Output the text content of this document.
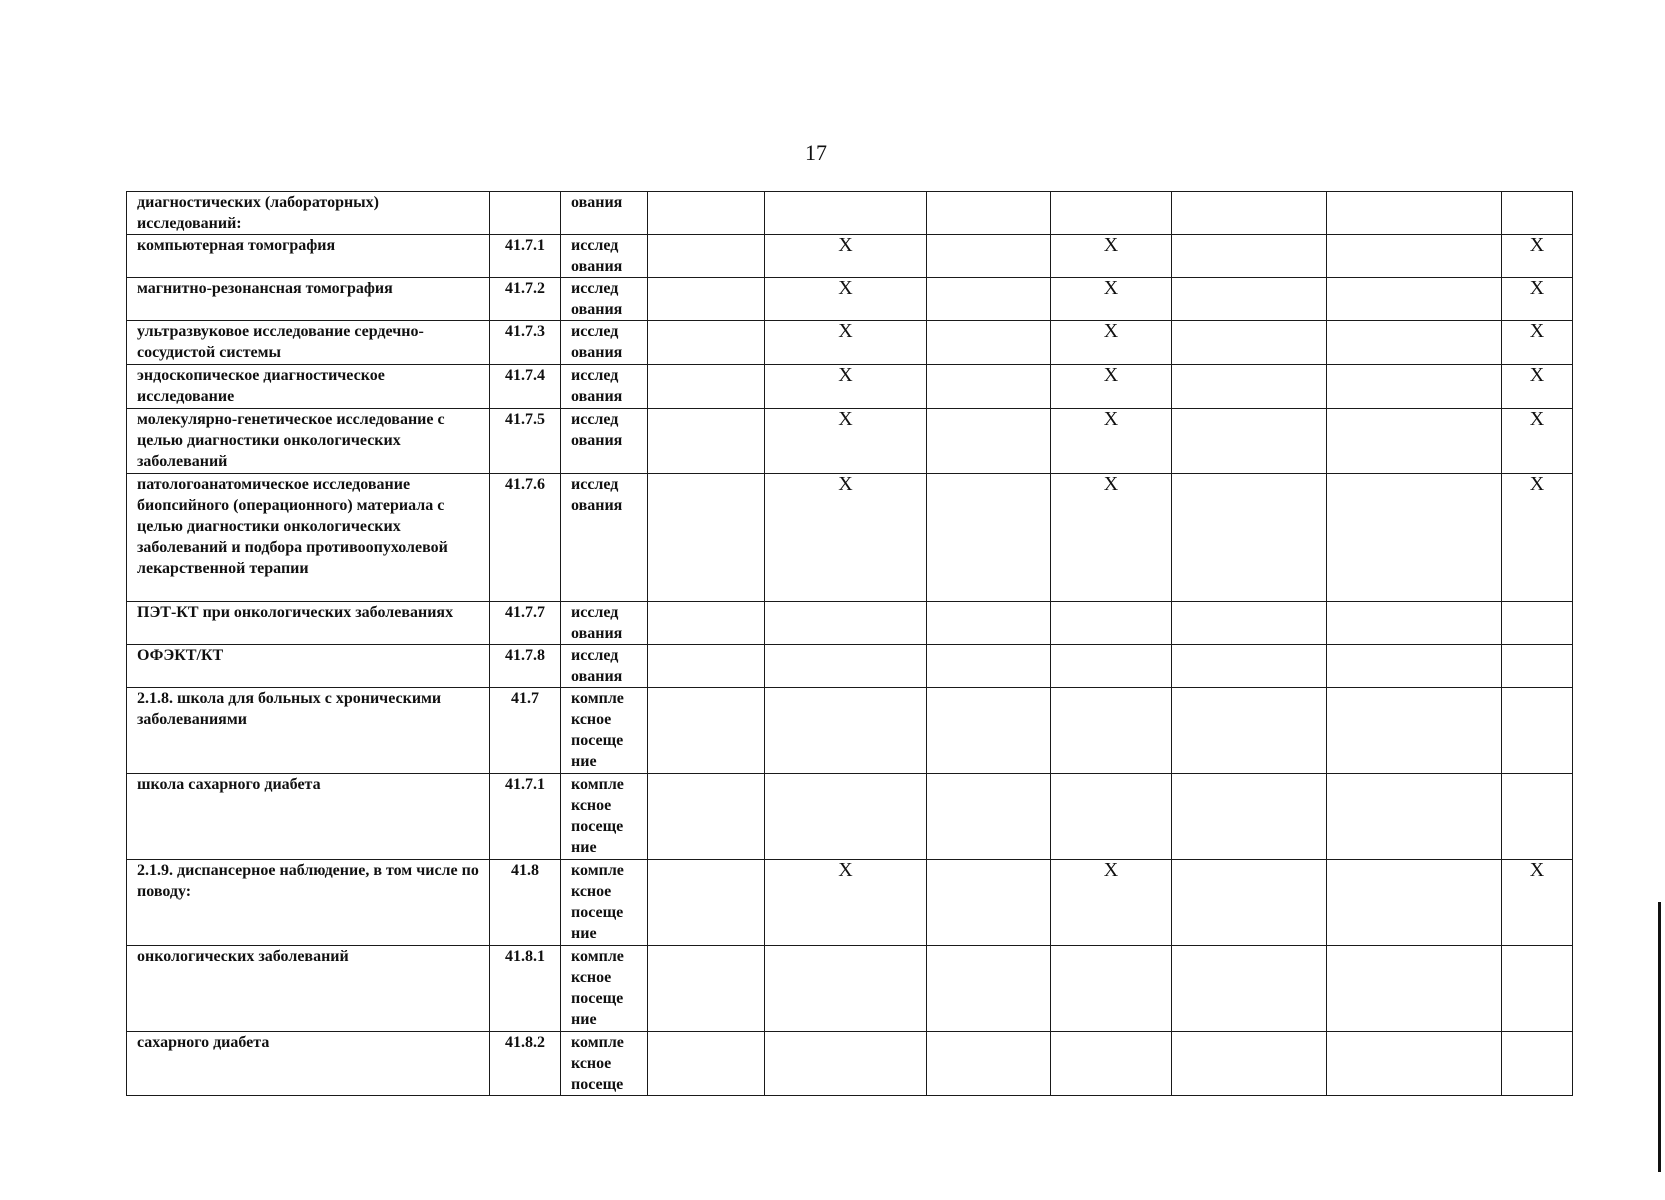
17
диагностических (лабораторных) исследований:		ования							
компьютерная томография	41.7.1	исслед ования		X		X			X
магнитно-резонансная томография	41.7.2	исслед ования		X		X			X
ультразвуковое исследование сердечно-сосудистой системы	41.7.3	исслед ования		X		X			X
эндоскопическое диагностическое исследование	41.7.4	исслед ования		X		X			X
молекулярно-генетическое исследование с целью диагностики онкологических заболеваний	41.7.5	исслед ования		X		X			X
патологоанатомическое исследование биопсийного (операционного) материала с целью диагностики онкологических заболеваний и подбора противоопухолевой лекарственной терапии	41.7.6	исслед ования		X		X			X
ПЭТ-КТ при онкологических заболеваниях	41.7.7	исслед ования							
ОФЭКТ/КТ	41.7.8	исслед ования							
2.1.8. школа для больных с хроническими заболеваниями	41.7	компле ксное посеще ние							
школа сахарного диабета	41.7.1	компле ксное посеще ние							
2.1.9. диспансерное наблюдение, в том числе по поводу:	41.8	компле ксное посеще ние		X		X			X
онкологических заболеваний	41.8.1	компле ксное посеще ние							
сахарного диабета	41.8.2	компле ксное посеще							
